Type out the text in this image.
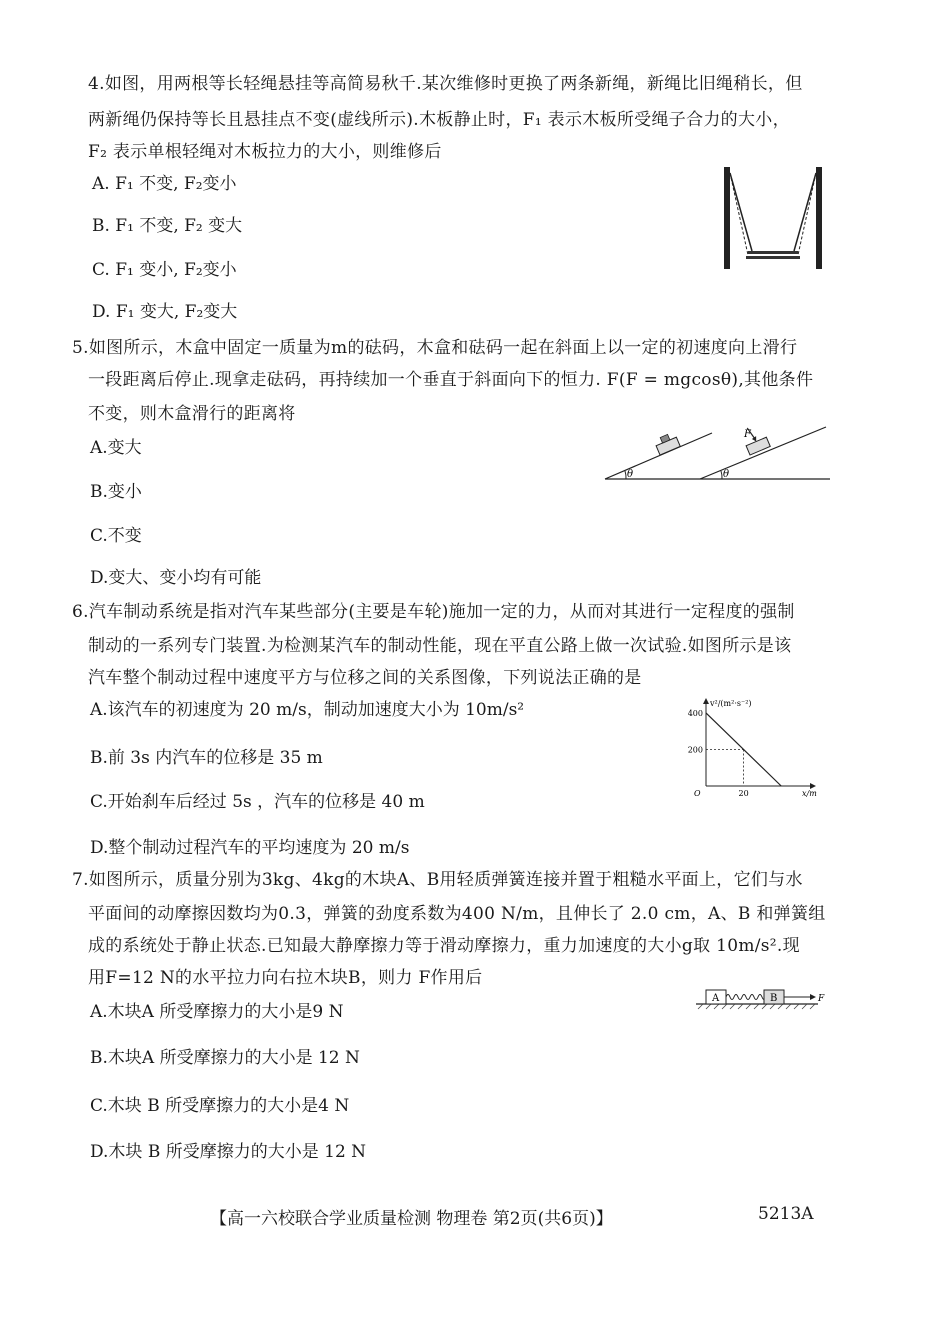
4.如图，用两根等长轻绳悬挂等高简易秋千.某次维修时更换了两条新绳，新绳比旧绳稍长，但
两新绳仍保持等长且悬挂点不变(虚线所示).木板静止时，F₁ 表示木板所受绳子合力的大小，
F₂ 表示单根轻绳对木板拉力的大小，则维修后
A. F₁ 不变, F₂变小
B. F₁ 不变, F₂ 变大
C. F₁ 变小, F₂变小
D. F₁ 变大, F₂变大
5.如图所示，木盒中固定一质量为m的砝码，木盒和砝码一起在斜面上以一定的初速度向上滑行
一段距离后停止.现拿走砝码，再持续加一个垂直于斜面向下的恒力. F(F = mgcosθ),其他条件
不变，则木盒滑行的距离将
A.变大
B.变小
C.不变
D.变大、变小均有可能
θ	θ
F
6.汽车制动系统是指对汽车某些部分(主要是车轮)施加一定的力，从而对其进行一定程度的强制
制动的一系列专门装置.为检测某汽车的制动性能，现在平直公路上做一次试验.如图所示是该
汽车整个制动过程中速度平方与位移之间的关系图像，下列说法正确的是
A.该汽车的初速度为 20 m/s，制动加速度大小为 10m/s²
B.前 3s 内汽车的位移是 35 m
C.开始刹车后经过 5s ，汽车的位移是 40 m
D.整个制动过程汽车的平均速度为 20 m/s
v²/(m²·s⁻²)
x/m
O
400
200
20
7.如图所示，质量分别为3kg、4kg的木块A、B用轻质弹簧连接并置于粗糙水平面上，它们与水
平面间的动摩擦因数均为0.3，弹簧的劲度系数为400 N/m，且伸长了 2.0 cm，A、B 和弹簧组
成的系统处于静止状态.已知最大静摩擦力等于滑动摩擦力，重力加速度的大小g取 10m/s².现
用F=12 N的水平拉力向右拉木块B，则力 F作用后
A.木块A 所受摩擦力的大小是9 N
B.木块A 所受摩擦力的大小是 12 N
C.木块 B 所受摩擦力的大小是4 N
D.木块 B 所受摩擦力的大小是 12 N
A	B	F
【高一六校联合学业质量检测 物理卷 第2页(共6页)】	5213A
